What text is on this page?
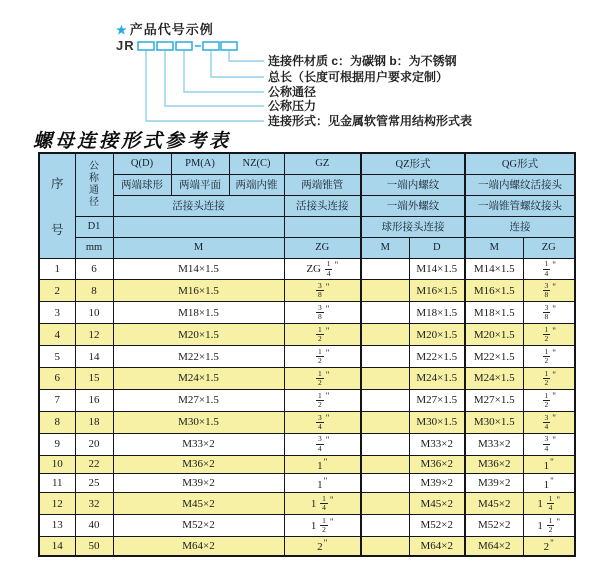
★ 产品代号示例
JR
连接件材质 c：为碳钢 b：为不锈钢
总长（长度可根据用户要求定制）
公称通径
公称压力
连接形式：见金属软管常用结构形式表
螺母连接形式参考表
序
号

公
称
通
径
	Q(D)	PM(A)	NZ(C)	GZ	QZ形式	QG形式
		两端球形	两端平面	两端内锥	两端锥管	一端内螺纹		一端内螺纹活接头	
		活接头连接			活接头连接	一端外螺纹		一端锥管螺纹接头	
	D1					球形接头连接		连接	
	mm	M			ZG	M	D	M	ZG
1	6	M14×1.5			ZG $\frac{1}{4} ^"$		M14×1.5	M14×1.5	$\frac{1}{4} ^"$
2	8	M16×1.5			$\frac{3}{8} ^"$		M16×1.5	M16×1.5	$\frac{3}{8} ^"$
3	10	M18×1.5			$\frac{3}{8} ^"$		M18×1.5	M18×1.5	$\frac{3}{8} ^"$
4	12	M20×1.5			$\frac{1}{2} ^"$		M20×1.5	M20×1.5	$\frac{1}{2} ^"$
5	14	M22×1.5			$\frac{1}{2} ^"$		M22×1.5	M22×1.5	$\frac{1}{2} ^"$
6	15	M24×1.5			$\frac{1}{2} ^"$		M24×1.5	M24×1.5	$\frac{1}{2} ^"$
7	16	M27×1.5			$\frac{1}{2} ^"$		M27×1.5	M27×1.5	$\frac{1}{2} ^"$
8	18	M30×1.5			$\frac{3}{4} ^"$		M30×1.5	M30×1.5	$\frac{3}{4} ^"$
9	20	M33×2			$\frac{3}{4} ^"$		M33×2	M33×2	$\frac{3}{4} ^"$
10	22	M36×2			1"		M36×2	M36×2	1"
11	25	M39×2			1"		M39×2	M39×2	1"
12	32	M45×2			$1 \frac{1}{4} ^"$		M45×2	M45×2	$1 \frac{1}{4} ^"$
13	40	M52×2			$1 \frac{1}{2} ^"$		M52×2	M52×2	$1 \frac{1}{2} ^"$
14	50	M64×2			2"		M64×2	M64×2	2"
